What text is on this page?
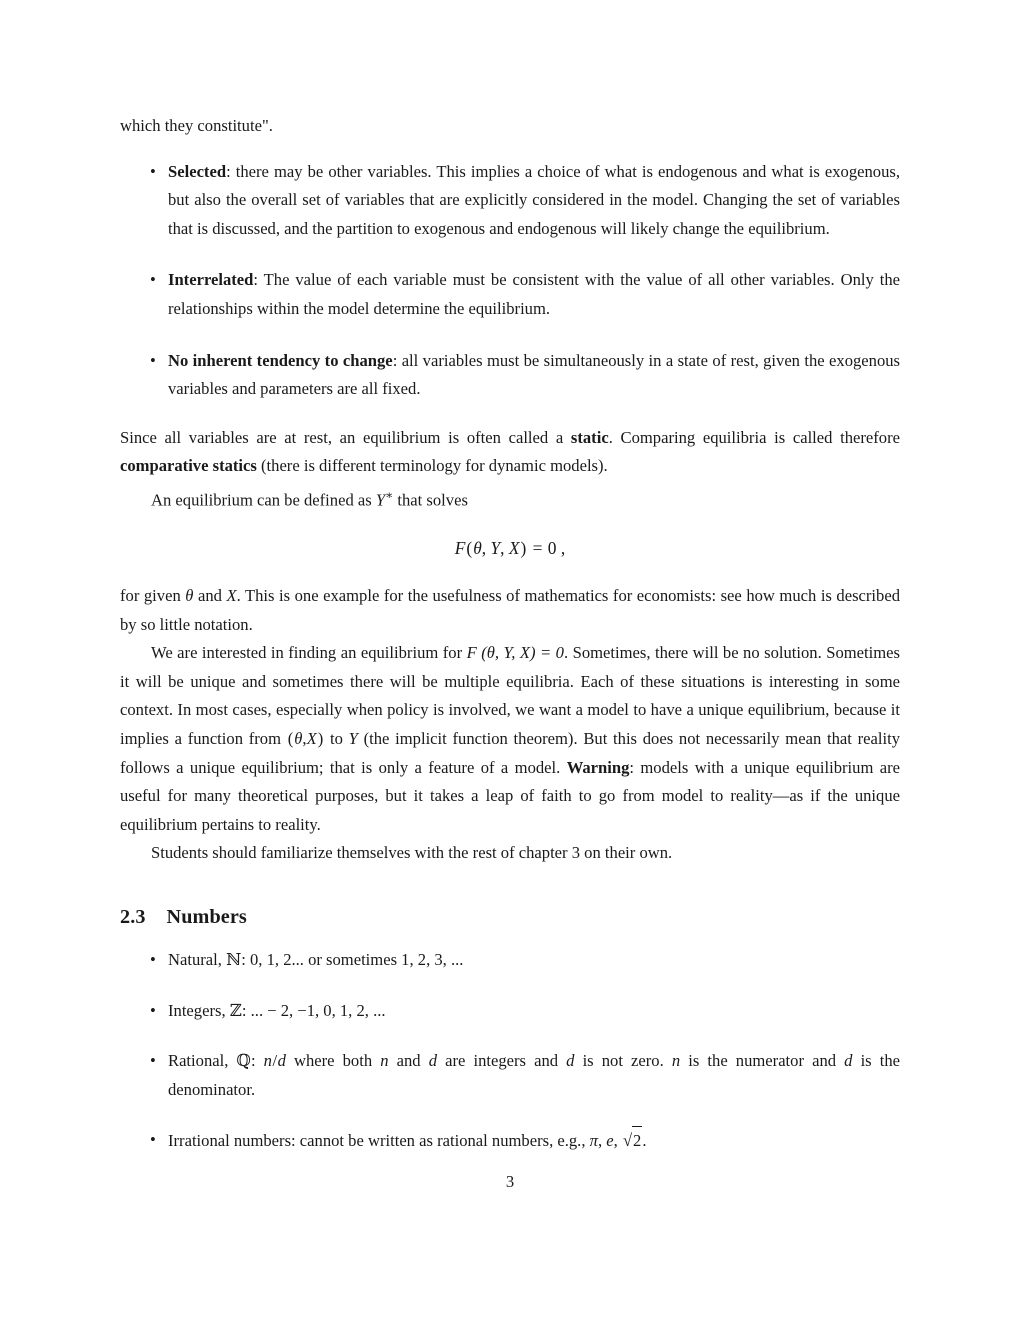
which they constitute".

• Selected: there may be other variables. This implies a choice of what is endogenous and what is exogenous, but also the overall set of variables that are explicitly considered in the model. Changing the set of variables that is discussed, and the partition to exogenous and endogenous will likely change the equilibrium.
• Interrelated: The value of each variable must be consistent with the value of all other variables. Only the relationships within the model determine the equilibrium.
• No inherent tendency to change: all variables must be simultaneously in a state of rest, given the exogenous variables and parameters are all fixed.

Since all variables are at rest, an equilibrium is often called a static. Comparing equilibria is called therefore comparative statics (there is different terminology for dynamic models).

An equilibrium can be defined as Y∗ that solves

F(θ, Y, X) = 0 ,

for given θ and X. This is one example for the usefulness of mathematics for economists: see how much is described by so little notation.

We are interested in finding an equilibrium for F (θ, Y, X) = 0. Sometimes, there will be no solution. Sometimes it will be unique and sometimes there will be multiple equilibria. Each of these situations is interesting in some context. In most cases, especially when policy is involved, we want a model to have a unique equilibrium, because it implies a function from (θ,X) to Y (the implicit function theorem). But this does not necessarily mean that reality follows a unique equilibrium; that is only a feature of a model. Warning: models with a unique equilibrium are useful for many theoretical purposes, but it takes a leap of faith to go from model to reality—as if the unique equilibrium pertains to reality.

Students should familiarize themselves with the rest of chapter 3 on their own.

2.3 Numbers
• Natural, ℕ: 0, 1, 2... or sometimes 1, 2, 3, ...
• Integers, ℤ: ... − 2, −1, 0, 1, 2, ...
• Rational, ℚ: n/d where both n and d are integers and d is not zero. n is the numerator and d is the denominator.
• Irrational numbers: cannot be written as rational numbers, e.g., π, e, √2.
3
